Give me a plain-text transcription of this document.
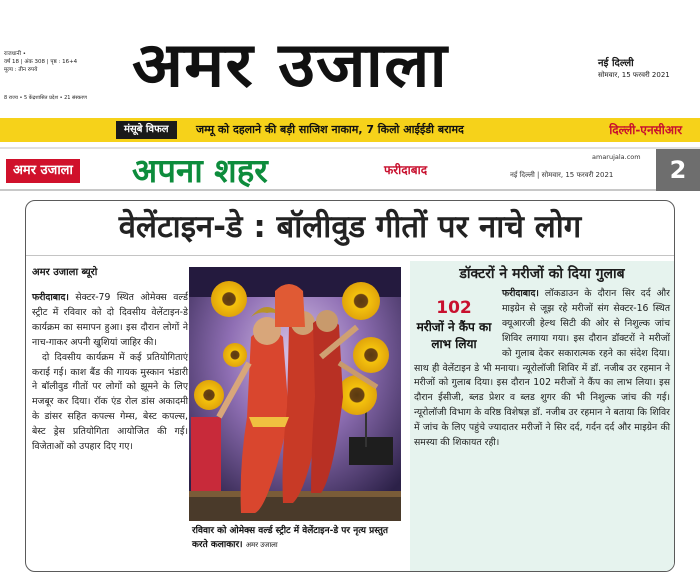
राजधानी •
वर्ष 18 | अंक 308 | पृष्ठ : 16+4
मूल्य : तीन रुपये
8 राज्य • 5 केंद्रशासित प्रदेश • 21 संस्करण अमर उजाला	नई दिल्ली
सोमवार, 15 फरवरी 2021
मंसूबे विफल	जम्मू को दहलाने की बड़ी साजिश नाकाम, 7 किलो आईईडी बरामद	दिल्ली-एनसीआर
अमर उजाला अपना शहर	फरीदाबाद
amarujala.com
नई दिल्ली | सोमवार, 15 फरवरी 2021	2
वेलेंटाइन-डे : बॉलीवुड गीतों पर नाचे लोग
अमर उजाला ब्यूरो

फरीदाबाद। सेक्टर-79 स्थित ओमेक्स वर्ल्ड स्ट्रीट में रविवार को दो दिवसीय वेलेंटाइन-डे कार्यक्रम का समापन हुआ। इस दौरान लोगों ने नाच-गाकर अपनी खुशियां जाहिर की।

दो दिवसीय कार्यक्रम में कई प्रतियोगिताएं कराई गई। काश बैंड की गायक मुस्कान भंडारी ने बॉलीवुड गीतों पर लोगों को झूमने के लिए मजबूर कर दिया। रॉक एंड रोल डांस अकादमी के डांसर सहित कपल्स गेम्स, बेस्ट कपल्स, बेस्ट ड्रेस प्रतियोगिता आयोजित की गई। विजेताओं को उपहार दिए गए।

रविवार को ओमेक्स वर्ल्ड स्ट्रीट में वेलेंटाइन-डे पर नृत्य प्रस्तुत करते कलाकार। अमर उजाला
डॉक्टरों ने मरीजों को दिया गुलाब
102
मरीजों ने कैंप का लाभ लिया
फरीदाबाद। लॉकडाउन के दौरान सिर दर्द और माइग्रेन से जूझ रहे मरीजों संग सेक्टर-16 स्थित क्यूआरजी हेल्थ सिटी की ओर से निशुल्क जांच शिविर लगाया गया। इस दौरान डॉक्टरों ने मरीजों को गुलाब देकर सकारात्मक रहने का संदेश दिया। साथ ही वेलेंटाइन डे भी मनाया। न्यूरोलॉजी शिविर में डॉ. नजीब उर रहमान ने मरीजों को गुलाब दिया। इस दौरान 102 मरीजों ने कैंप का लाभ लिया। इस दौरान ईसीजी, ब्लड प्रेशर व ब्लड शुगर की भी निशुल्क जांच की गई। न्यूरोलॉजी विभाग के वरिष्ठ विशेषज्ञ डॉ. नजीब उर रहमान ने बताया कि शिविर में जांच के लिए पहुंचे ज्यादातर मरीजों ने सिर दर्द, गर्दन दर्द और माइग्रेन की समस्या की शिकायत रही।
